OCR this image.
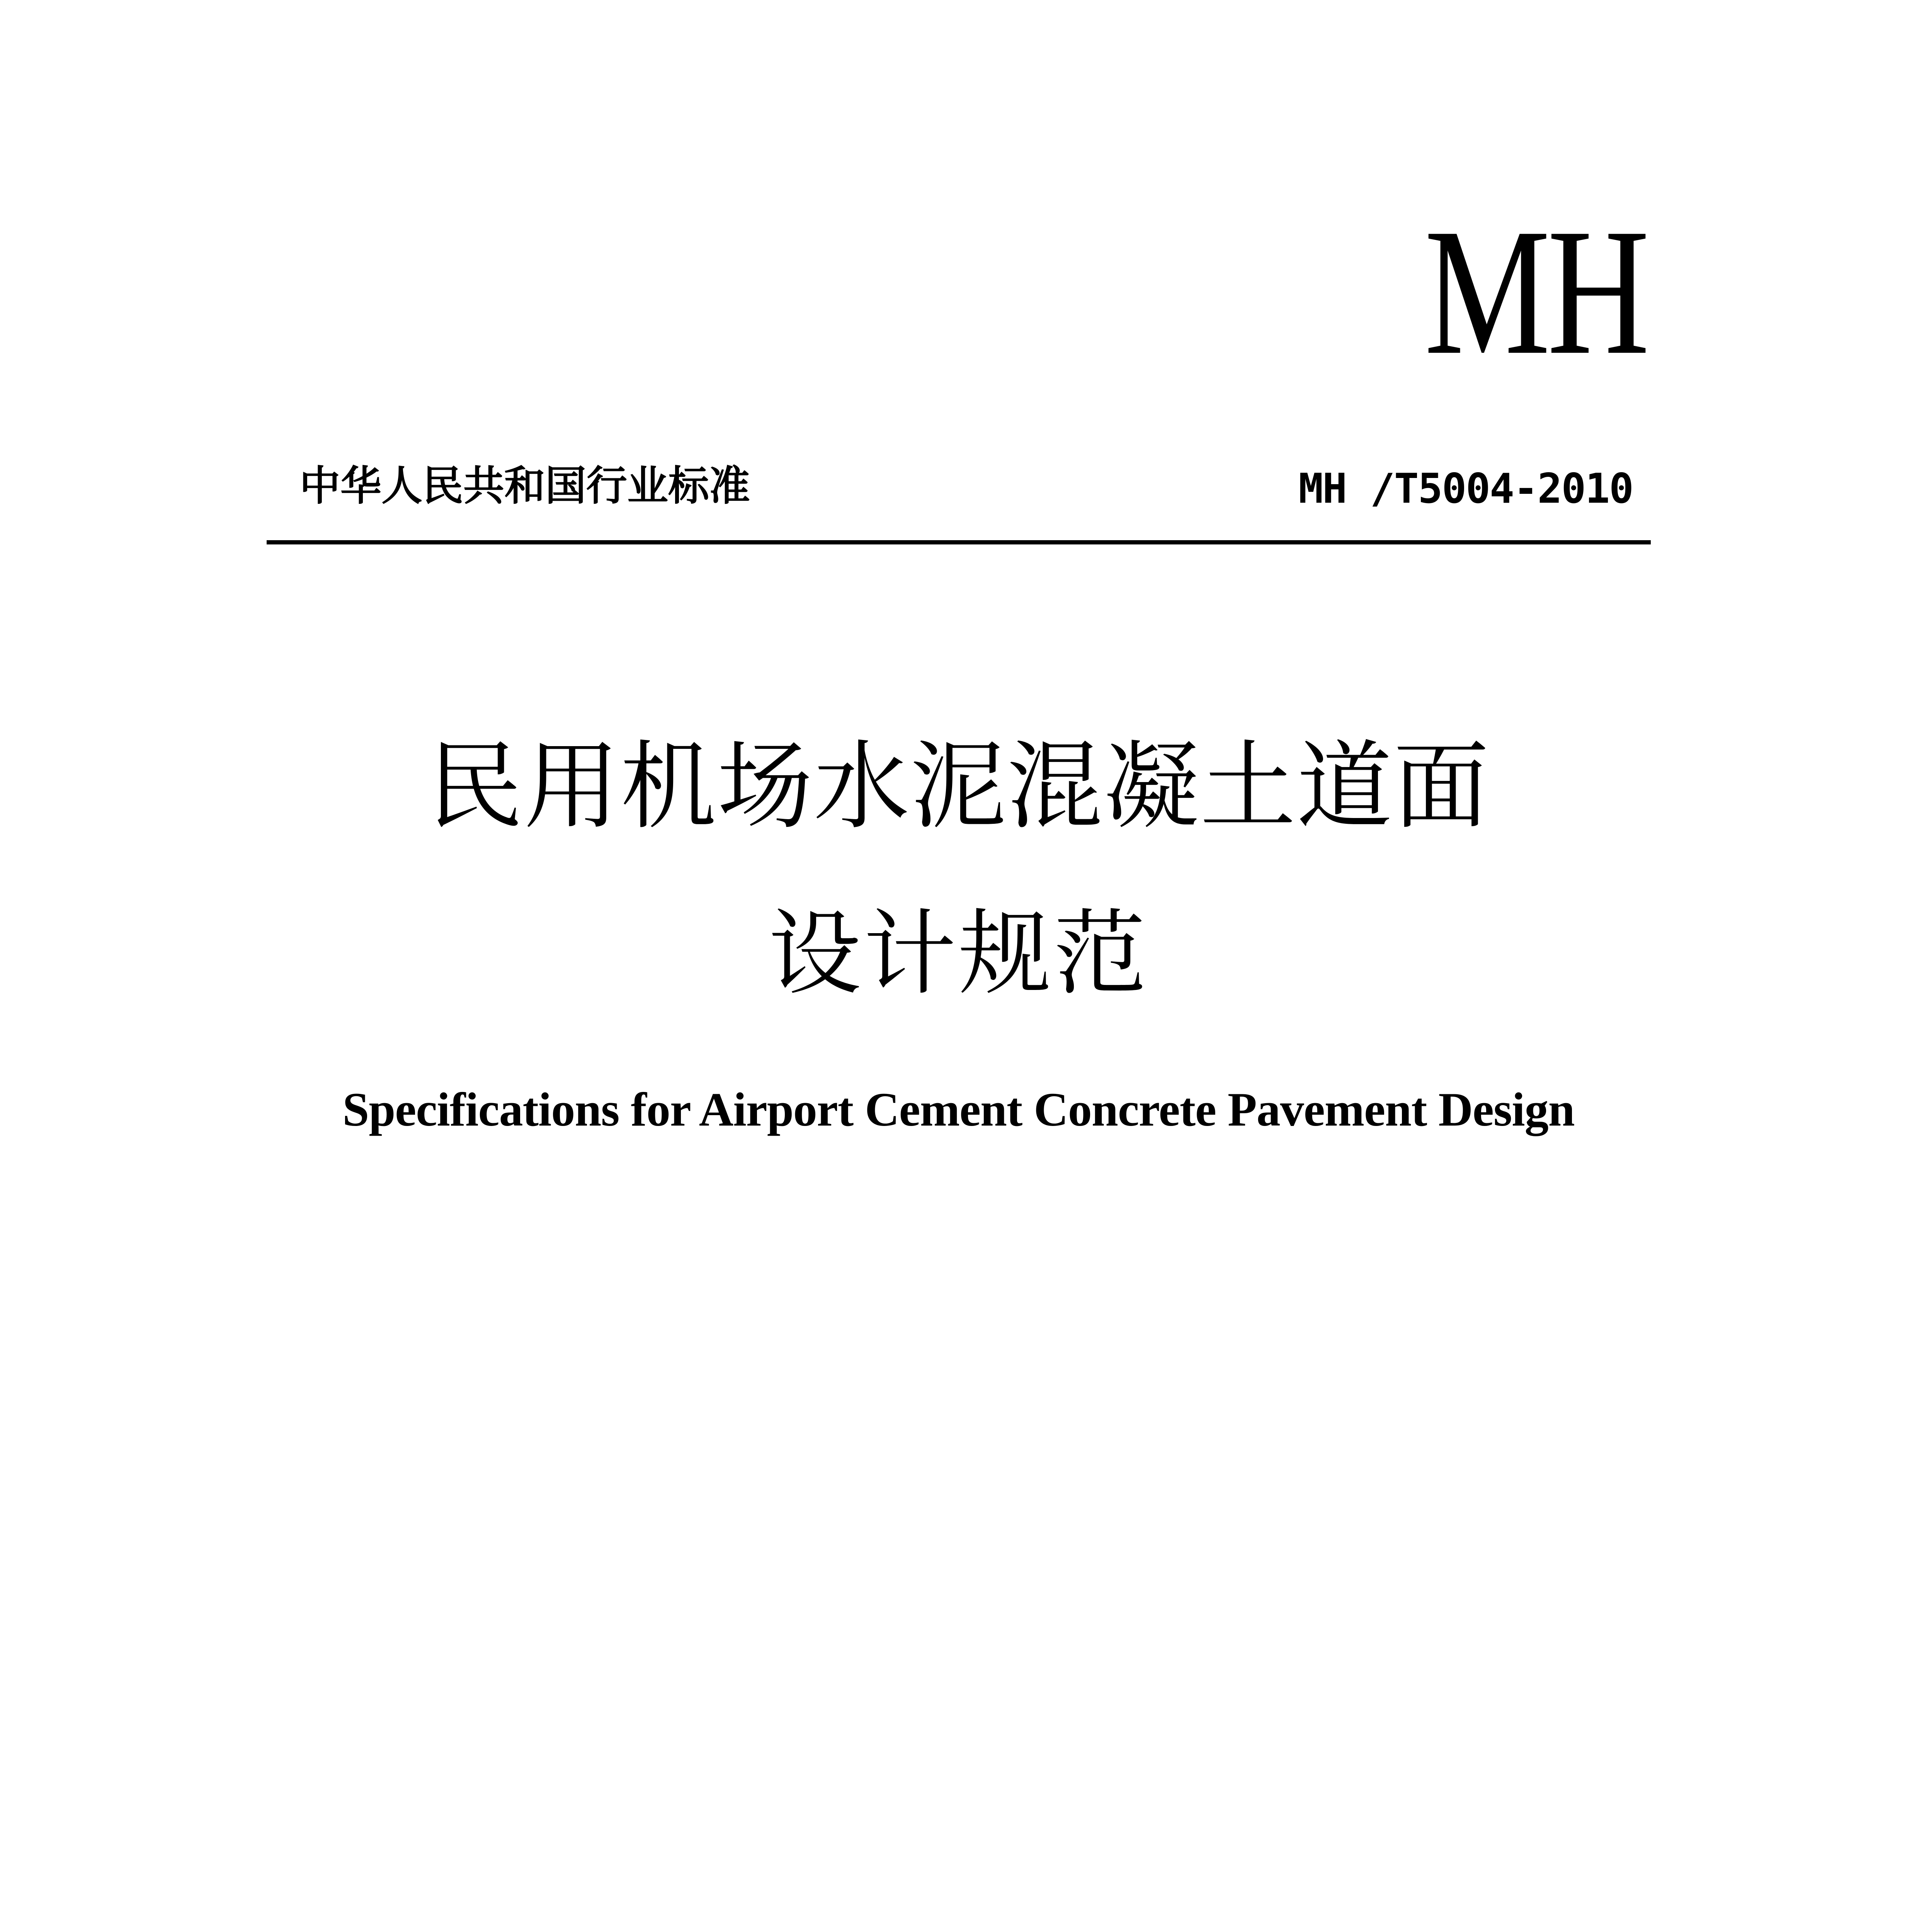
MH
中华人民共和国行业标准	MH /T5004-2010
民用机场水泥混凝土道面
设计规范
Specifications for Airport Cement Concrete Pavement Design
